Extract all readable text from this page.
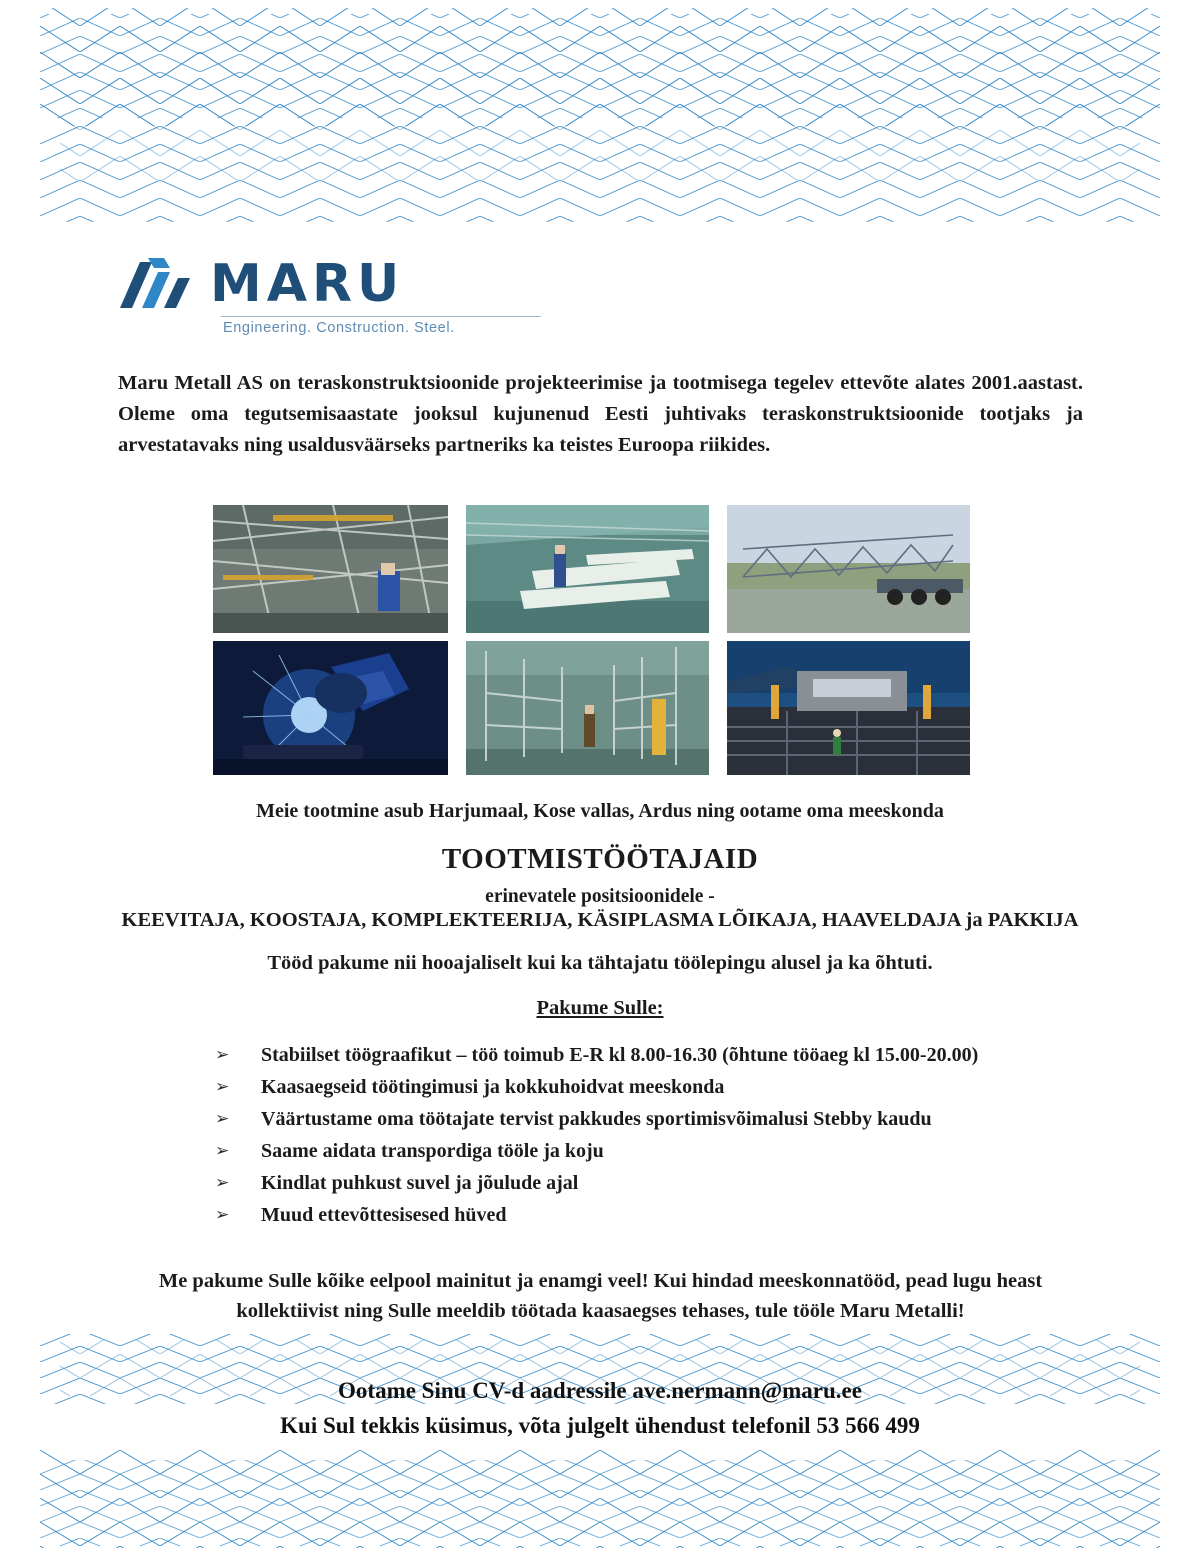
MARU
Engineering. Construction. Steel.
Maru Metall AS on teraskonstruktsioonide projekteerimise ja tootmisega tegelev ettevõte alates 2001.aastast. Oleme oma tegutsemisaastate jooksul kujunenud Eesti juhtivaks teraskonstruktsioonide tootjaks ja arvestatavaks ning usaldusväärseks partneriks ka teistes Euroopa riikides.
Meie tootmine asub Harjumaal, Kose vallas, Ardus ning ootame oma meeskonda
TOOTMISTÖÖTAJAID
erinevatele positsioonidele -
KEEVITAJA, KOOSTAJA, KOMPLEKTEERIJA, KÄSIPLASMA LÕIKAJA, HAAVELDAJA ja PAKKIJA
Tööd pakume nii hooajaliselt kui ka tähtajatu töölepingu alusel ja ka õhtuti.
Pakume Sulle:
➢	Stabiilset töögraafikut – töö toimub E-R kl 8.00-16.30 (õhtune tööaeg kl 15.00-20.00)
➢	Kaasaegseid töötingimusi ja kokkuhoidvat meeskonda
➢	Väärtustame oma töötajate tervist pakkudes sportimisvõimalusi Stebby kaudu
➢	Saame aidata transpordiga tööle ja koju
➢	Kindlat puhkust suvel ja jõulude ajal
➢	Muud ettevõttesisesed hüved
Me pakume Sulle kõike eelpool mainitut ja enamgi veel! Kui hindad meeskonnatööd, pead lugu heast kollektiivist ning Sulle meeldib töötada kaasaegses tehases, tule tööle Maru Metalli!
Ootame Sinu CV-d aadressile ave.nermann@maru.ee
Kui Sul tekkis küsimus, võta julgelt ühendust telefonil 53 566 499
